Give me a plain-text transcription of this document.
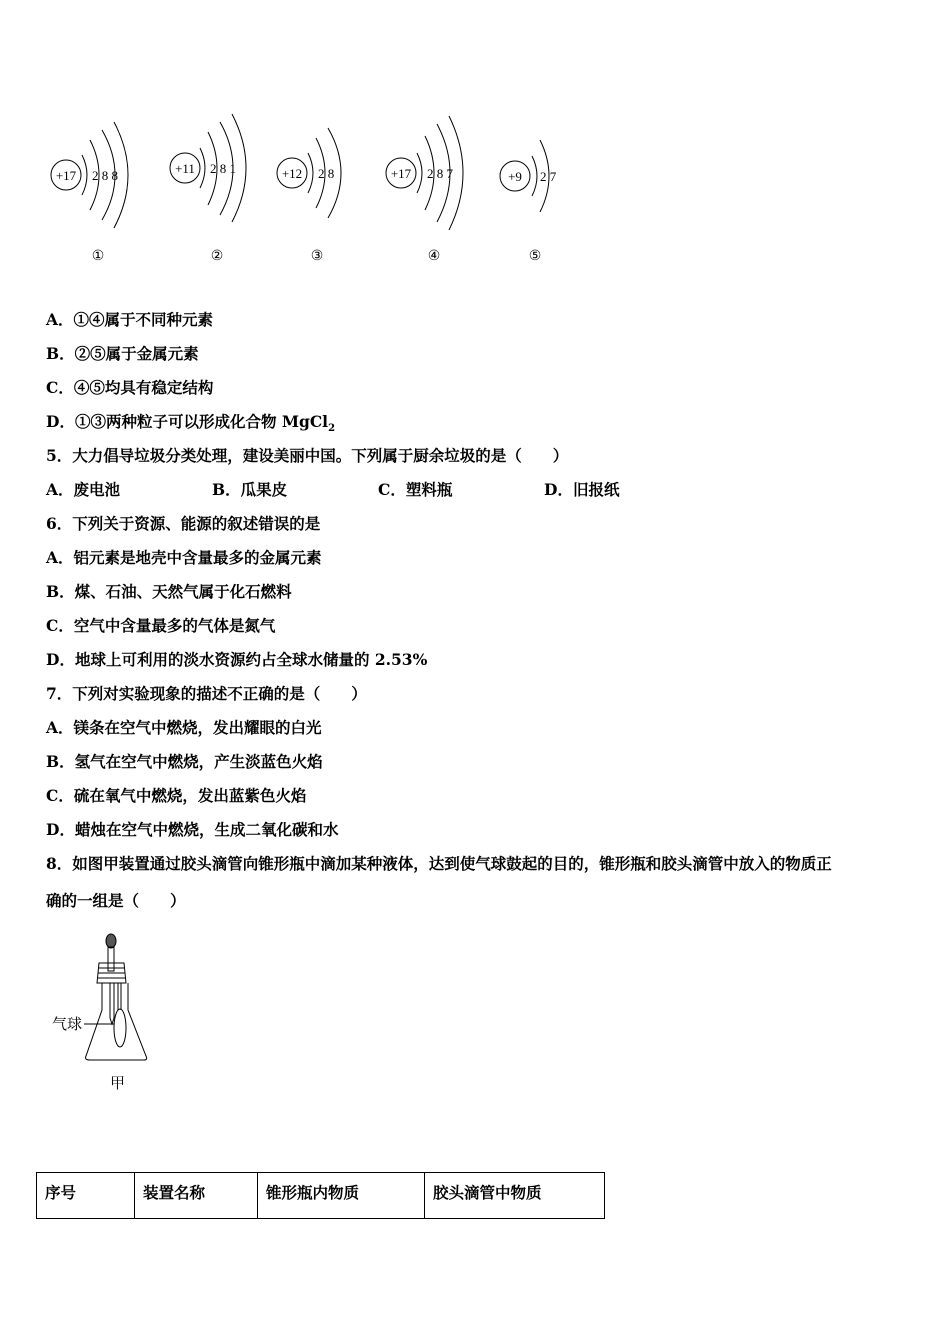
+17 2 8 8
①
+11 2 8 1
②
+12 2 8
③
+17 2 8 7
④
+9 2 7
⑤
A．①④属于不同种元素
B．②⑤属于金属元素
C．④⑤均具有稳定结构
D．①③两种粒子可以形成化合物 MgCl$_2$
5．大力倡导垃圾分类处理，建设美丽中国。下列属于厨余垃圾的是（　　）
A．废电池	B．瓜果皮	C．塑料瓶	D．旧报纸
6．下列关于资源、能源的叙述错误的是
A．铝元素是地壳中含量最多的金属元素
B．煤、石油、天然气属于化石燃料
C．空气中含量最多的气体是氮气
D．地球上可利用的淡水资源约占全球水储量的 2.53%
7．下列对实验现象的描述不正确的是（　　）
A．镁条在空气中燃烧，发出耀眼的白光
B．氢气在空气中燃烧，产生淡蓝色火焰
C．硫在氧气中燃烧，发出蓝紫色火焰
D．蜡烛在空气中燃烧，生成二氧化碳和水
8．如图甲装置通过胶头滴管向锥形瓶中滴加某种液体，达到使气球鼓起的目的，锥形瓶和胶头滴管中放入的物质正
确的一组是（　　）
气球
甲
序号	装置名称	锥形瓶内物质	胶头滴管中物质
